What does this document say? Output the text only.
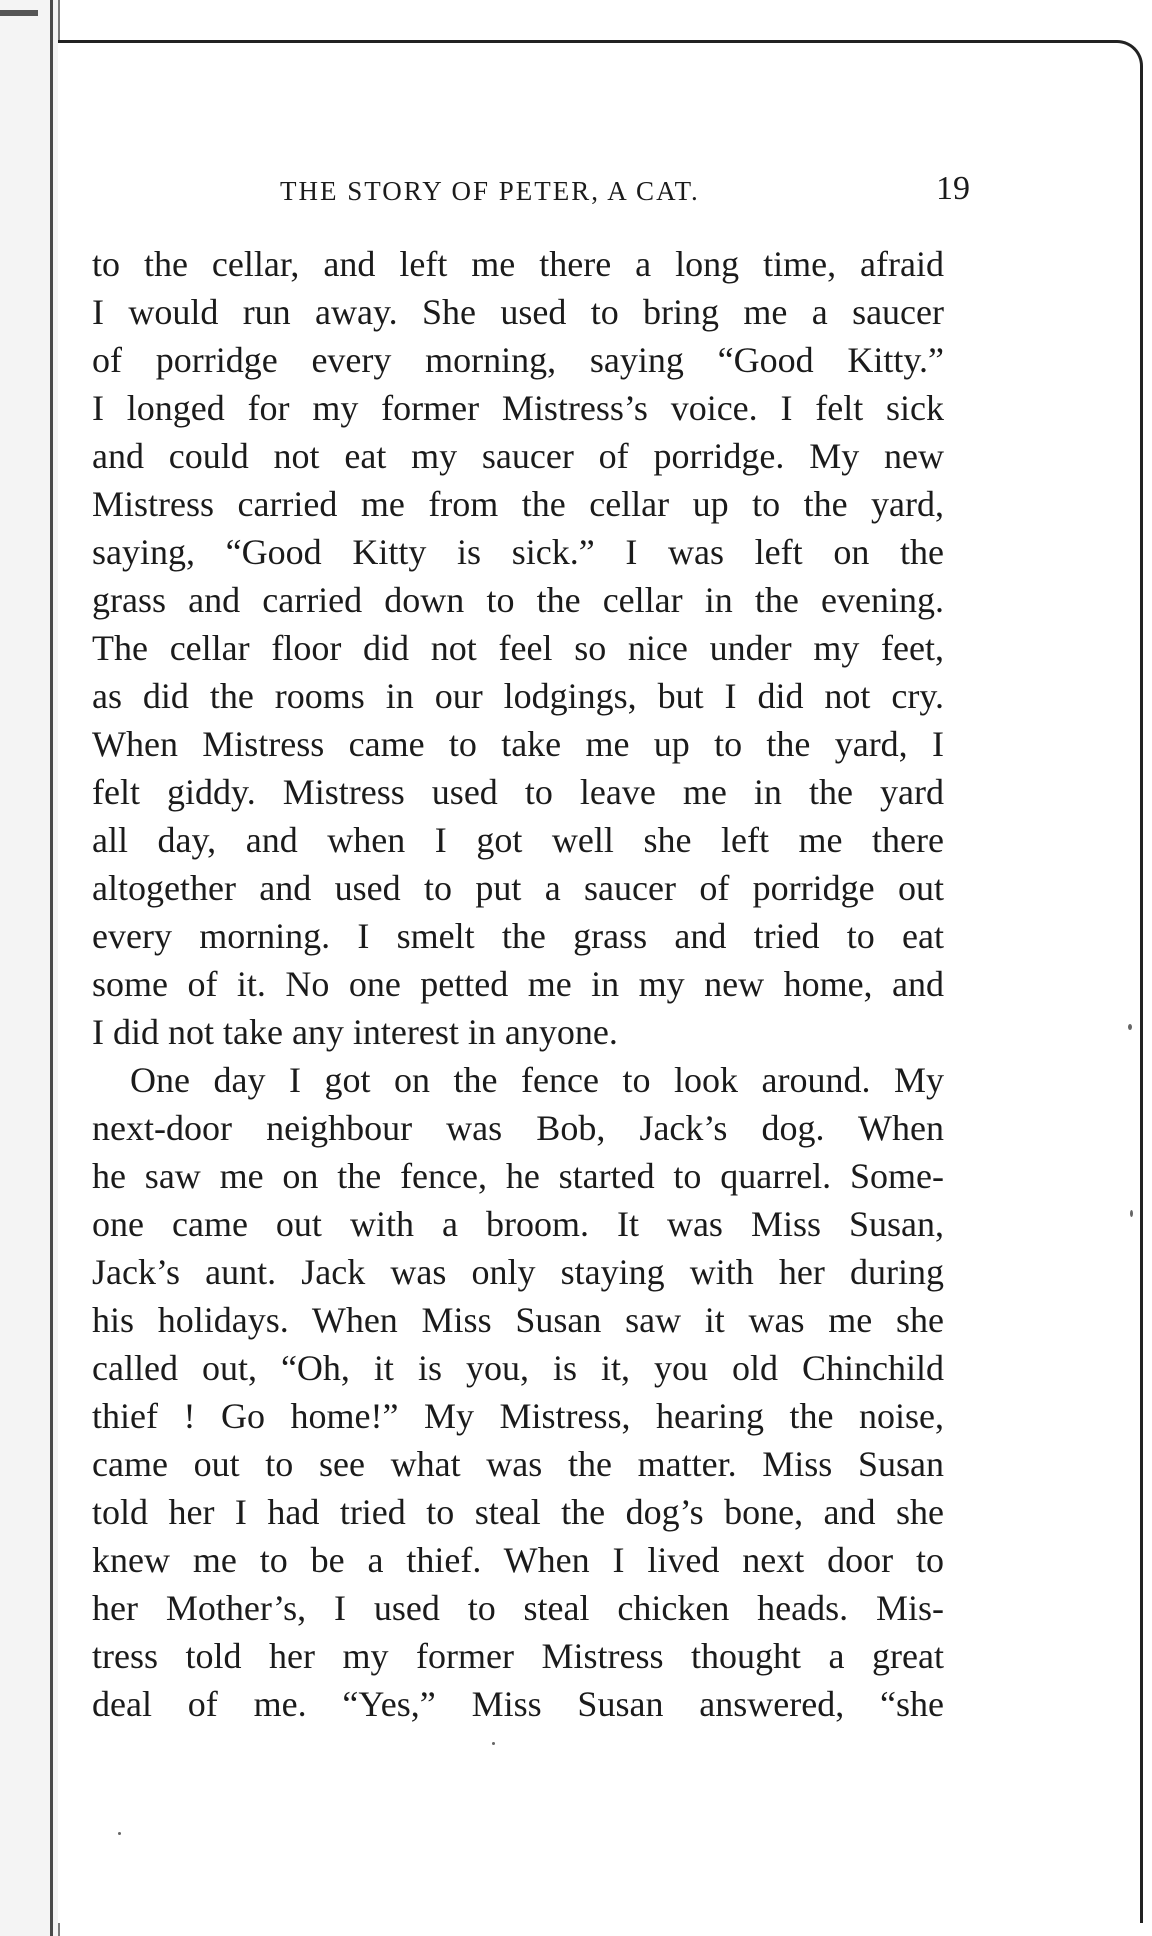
THE STORY OF PETER, A CAT.	19
to the cellar, and left me there a long time, afraid
I would run away. She used to bring me a saucer
of porridge every morning, saying “Good Kitty.”
I longed for my former Mistress’s voice. I felt sick
and could not eat my saucer of porridge. My new
Mistress carried me from the cellar up to the yard,
saying, “Good Kitty is sick.” I was left on the
grass and carried down to the cellar in the evening.
The cellar floor did not feel so nice under my feet,
as did the rooms in our lodgings, but I did not cry.
When Mistress came to take me up to the yard, I
felt giddy. Mistress used to leave me in the yard
all day, and when I got well she left me there
altogether and used to put a saucer of porridge out
every morning. I smelt the grass and tried to eat
some of it. No one petted me in my new home, and
I did not take any interest in anyone.
One day I got on the fence to look around. My
next-door neighbour was Bob, Jack’s dog. When
he saw me on the fence, he started to quarrel. Some-
one came out with a broom. It was Miss Susan,
Jack’s aunt. Jack was only staying with her during
his holidays. When Miss Susan saw it was me she
called out, “Oh, it is you, is it, you old Chinchild
thief ! Go home!” My Mistress, hearing the noise,
came out to see what was the matter. Miss Susan
told her I had tried to steal the dog’s bone, and she
knew me to be a thief. When I lived next door to
her Mother’s, I used to steal chicken heads. Mis-
tress told her my former Mistress thought a great
deal of me. “Yes,” Miss Susan answered, “she
